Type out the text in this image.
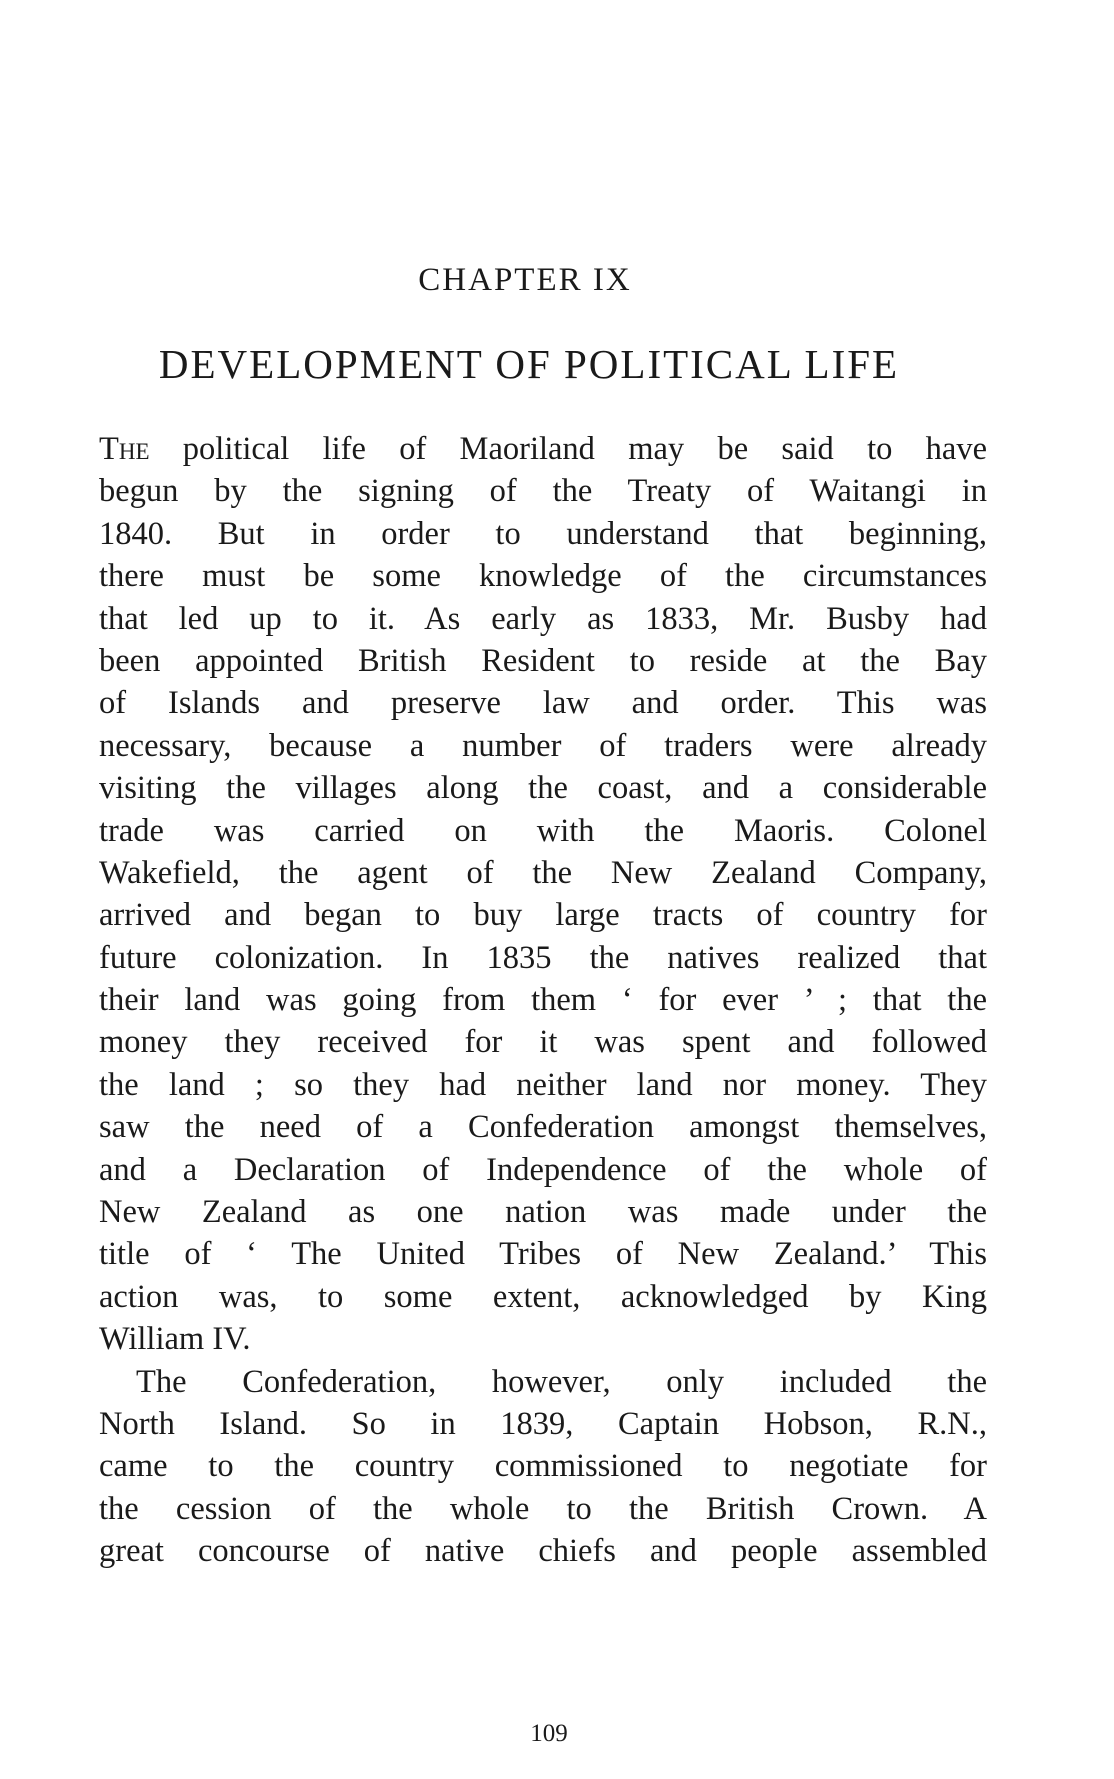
CHAPTER IX
DEVELOPMENT OF POLITICAL LIFE
The political life of Maoriland may be said to have
begun by the signing of the Treaty of Waitangi in
1840. But in order to understand that beginning,
there must be some knowledge of the circumstances
that led up to it. As early as 1833, Mr. Busby had
been appointed British Resident to reside at the Bay
of Islands and preserve law and order. This was
necessary, because a number of traders were already
visiting the villages along the coast, and a considerable
trade was carried on with the Maoris. Colonel
Wakefield, the agent of the New Zealand Company,
arrived and began to buy large tracts of country for
future colonization. In 1835 the natives realized that
their land was going from them ‘ for ever ’ ; that the
money they received for it was spent and followed
the land ; so they had neither land nor money. They
saw the need of a Confederation amongst themselves,
and a Declaration of Independence of the whole of
New Zealand as one nation was made under the
title of ‘ The United Tribes of New Zealand.’ This
action was, to some extent, acknowledged by King
William IV.
The Confederation, however, only included the
North Island. So in 1839, Captain Hobson, R.N.,
came to the country commissioned to negotiate for
the cession of the whole to the British Crown. A
great concourse of native chiefs and people assembled
109
